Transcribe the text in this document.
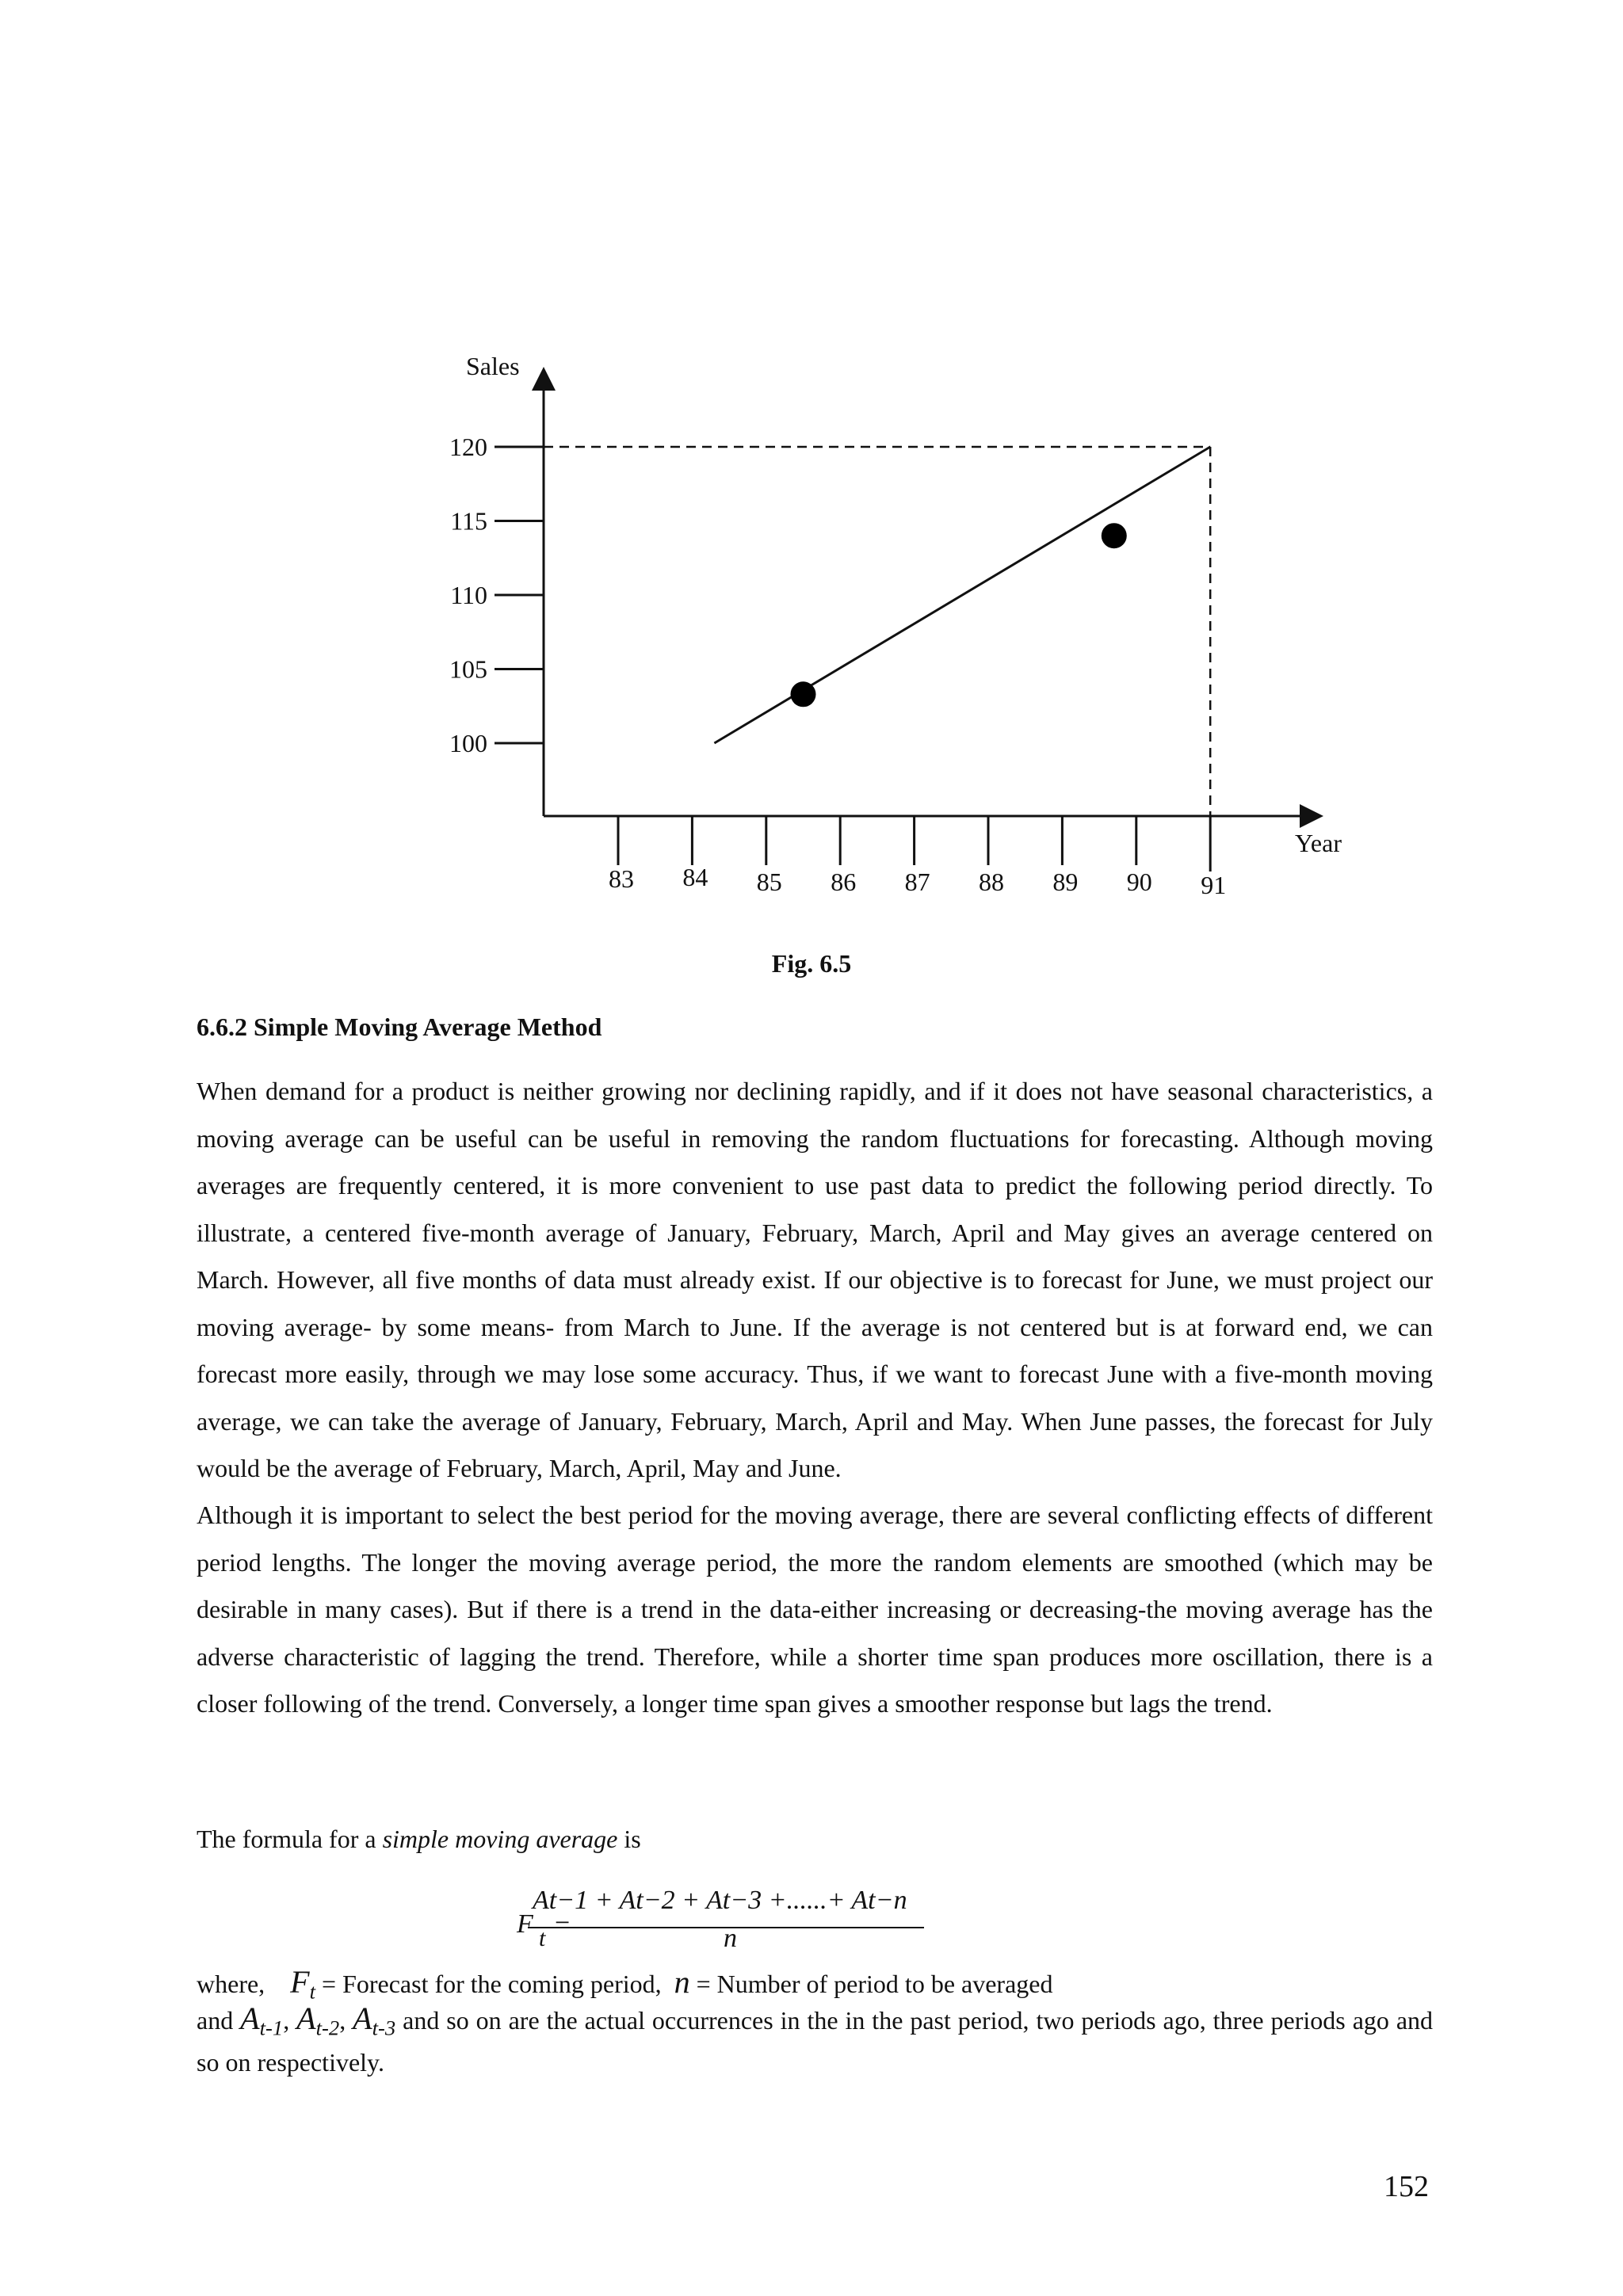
Sales
Year
100
105
110
115
120
83 84 85 86 87 88 89 90 91
Fig. 6.5
6.6.2 Simple Moving Average Method
When demand for a product is neither growing nor declining rapidly, and if it does not have seasonal characteristics, a moving average can be useful can be useful in removing the random fluctuations for forecasting. Although moving averages are frequently centered, it is more convenient to use past data to predict the following period directly. To illustrate, a centered five-month average of January, February, March, April and May gives an average centered on March. However, all five months of data must already exist. If our objective is to forecast for June, we must project our moving average- by some means- from March to June. If the average is not centered but is at forward end, we can forecast more easily, through we may lose some accuracy. Thus, if we want to forecast June with a five-month moving average, we can take the average of January, February, March, April and May. When June passes, the forecast for July would be the average of February, March, April, May and June.
Although it is important to select the best period for the moving average, there are several conflicting effects of different period lengths. The longer the moving average period, the more the random elements are smoothed (which may be desirable in many cases). But if there is a trend in the data-either increasing or decreasing-the moving average has the adverse characteristic of lagging the trend. Therefore, while a shorter time span produces more oscillation, there is a closer following of the trend. Conversely, a longer time span gives a smoother response but lags the trend.
The formula for a simple moving average is
At−1 + At−2 + At−3 +......+ At−n
F t =	n
where, $F_t$ = Forecast for the coming period, n = Number of period to be averaged
and $A_{t-1}$, $A_{t-2}$, $A_{t-3}$ and so on are the actual occurrences in the in the past period, two periods ago, three periods ago and so on respectively.
152
